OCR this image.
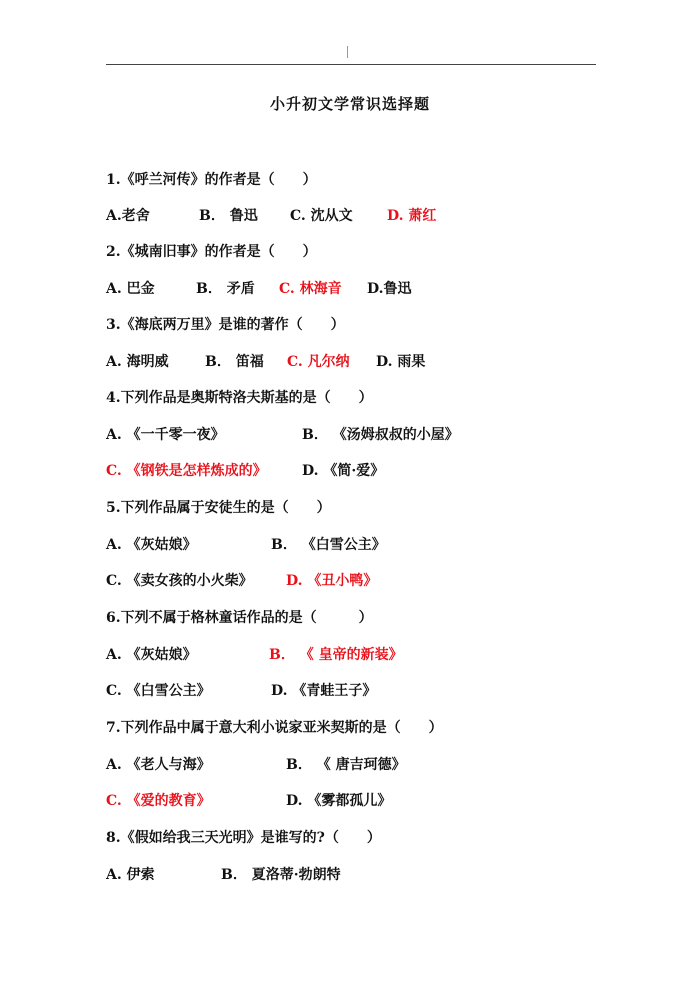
小升初文学常识选择题
1.《呼兰河传》的作者是（　　）
A.老舍	B． 鲁迅 C. 沈从文 D. 萧红
2.《城南旧事》的作者是（　　）
A. 巴金	B． 矛盾 C. 林海音 D.鲁迅
3.《海底两万里》是谁的著作（　　）
A. 海明威	B． 笛福 C. 凡尔纳 D. 雨果
4.下列作品是奥斯特洛夫斯基的是（　　）
A. 《一千零一夜》	B． 《汤姆叔叔的小屋》
C. 《钢铁是怎样炼成的》	D. 《简·爱》
5.下列作品属于安徒生的是（　　）
A. 《灰姑娘》	B． 《白雪公主》
C. 《卖女孩的小火柴》 D. 《丑小鸭》
6.下列不属于格林童话作品的是（　　　）
A. 《灰姑娘》	B． 《 皇帝的新装》
C. 《白雪公主》	D. 《青蛙王子》
7.下列作品中属于意大利小说家亚米契斯的是（　　）
A. 《老人与海》	B． 《 唐吉珂德》
C. 《爱的教育》	D. 《雾都孤儿》
8.《假如给我三天光明》是谁写的?（　　）
A. 伊索	B． 夏洛蒂·勃朗特
